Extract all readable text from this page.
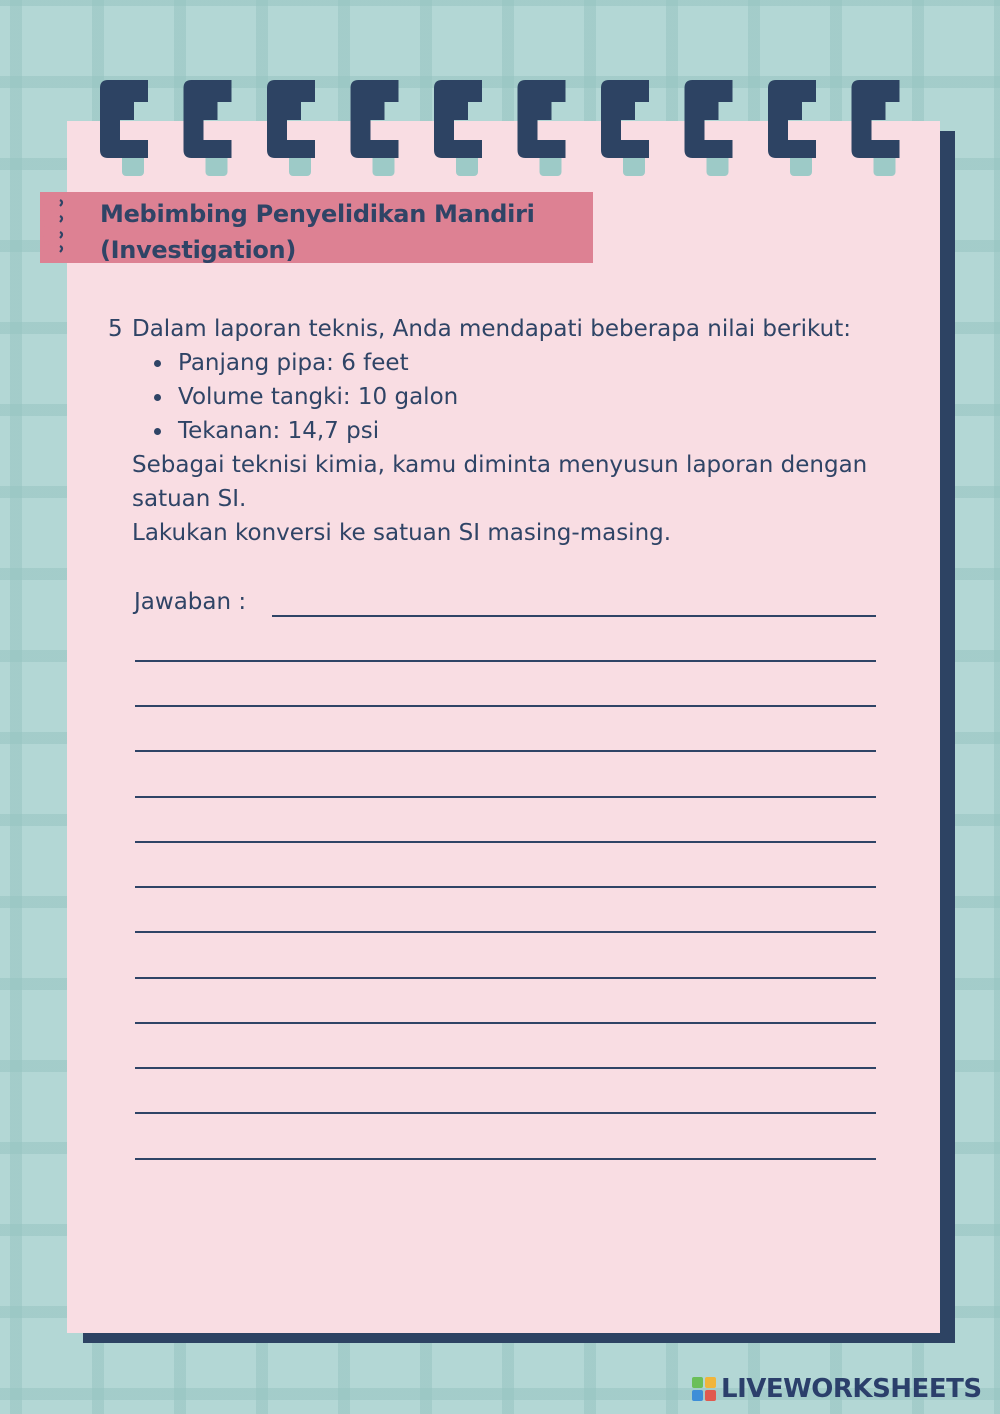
Mebimbing Penyelidikan Mandiri
(Investigation)
5 Dalam laporan teknis, Anda mendapati beberapa nilai berikut:
• Panjang pipa: 6 feet
• Volume tangki: 10 galon
• Tekanan: 14,7 psi
Sebagai teknisi kimia, kamu diminta menyusun laporan dengan satuan SI.
Lakukan konversi ke satuan SI masing-masing.
Jawaban :
LIVEWORKSHEETS
